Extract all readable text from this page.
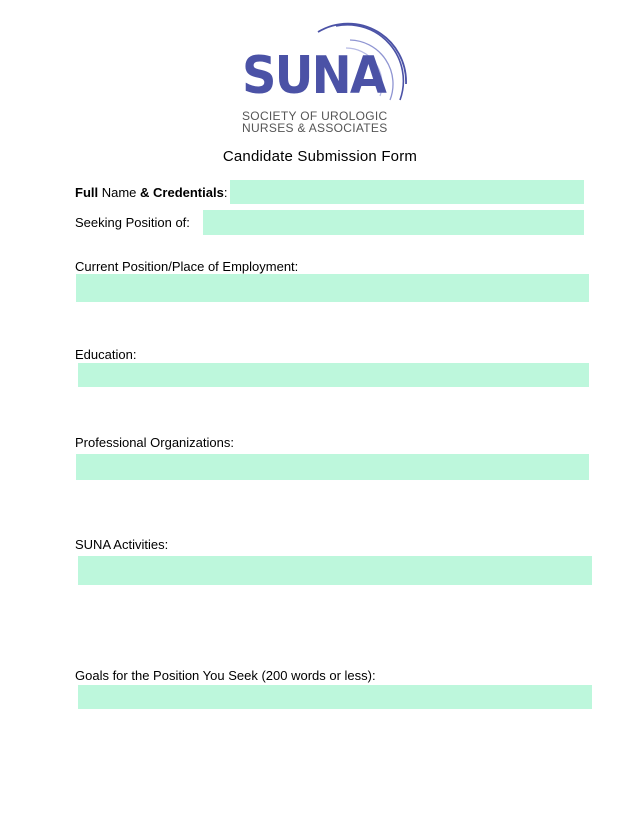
SUNA
SOCIETY OF UROLOGIC
NURSES & ASSOCIATES
Candidate Submission Form
Full Name & Credentials:
Seeking Position of:
Current Position/Place of Employment:
Education:
Professional Organizations:
SUNA Activities:
Goals for the Position You Seek (200 words or less):
